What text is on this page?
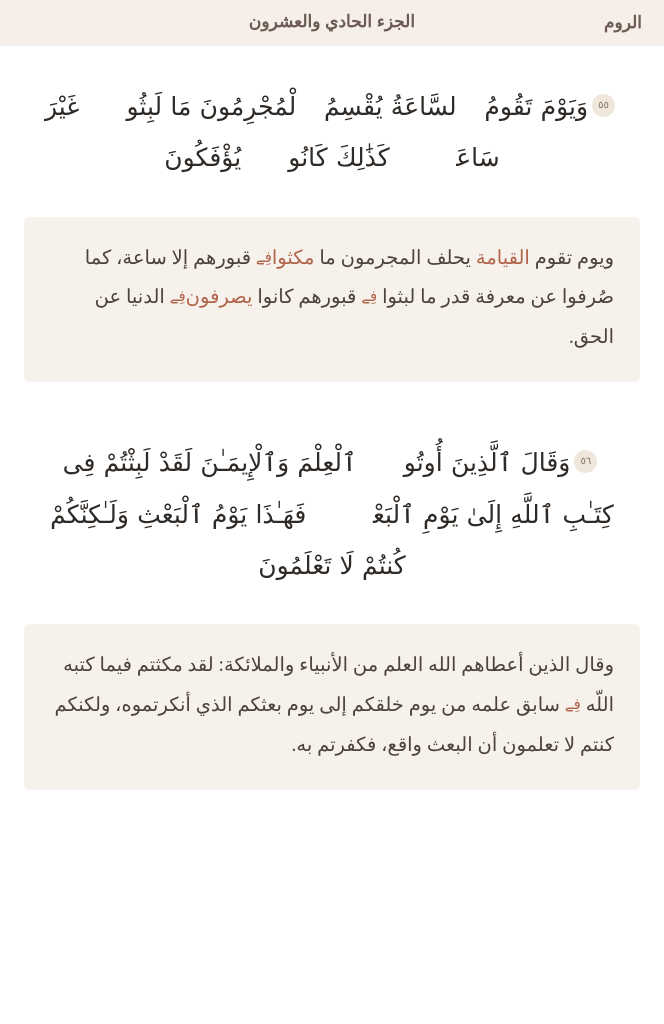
الروم
الجزء الحادي والعشرون
٥٥وَيَوْمَ تَقُومُ ٱلسَّاعَةُ يُقْسِمُ ٱلْمُجْرِمُونَ مَا لَبِثُوا۟ غَيْرَ سَاعَةٍۚ كَذَٰلِكَ كَانُوا۟ يُؤْفَكُونَ
ويوم تقوم القيامة يحلف المجرمون ما مكثوافِے قبورهم إلا ساعة، كما صُرفوا عن معرفة قدر ما لبثوا فِے قبورهم كانوا يصرفونفِے الدنيا عن الحق.
٥٦وَقَالَ ٱلَّذِينَ أُوتُوا۟ ٱلْعِلْمَ وَٱلْإِيمَـٰنَ لَقَدْ لَبِثْتُمْ فِى كِتَـٰبِ ٱللَّهِ إِلَىٰ يَوْمِ ٱلْبَعْثِۖ فَهَـٰذَا يَوْمُ ٱلْبَعْثِ وَلَـٰكِنَّكُمْ كُنتُمْ لَا تَعْلَمُونَ
وقال الذين أعطاهم الله العلم من الأنبياء والملائكة: لقد مكثتم فيما كتبه اللّه فِے سابق علمه من يوم خلقكم إلى يوم بعثكم الذي أنكرتموه، ولكنكم كنتم لا تعلمون أن البعث واقع، فكفرتم به.
